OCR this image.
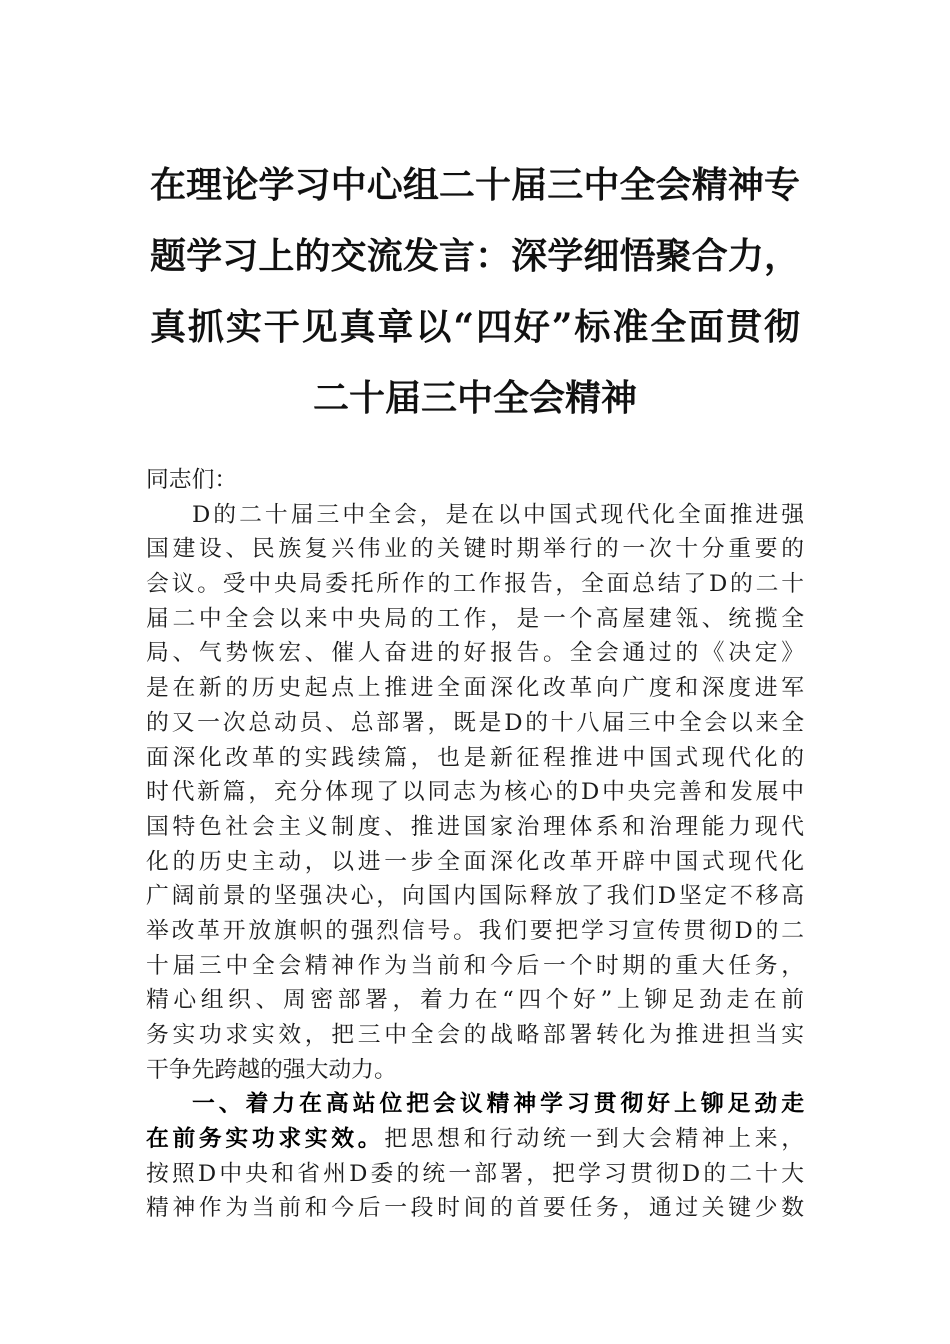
在理论学习中心组二十届三中全会精神专
题学习上的交流发言：深学细悟聚合力，
真抓实干见真章以“四好”标准全面贯彻
二十届三中全会精神
同志们：
D的二十届三中全会，是在以中国式现代化全面推进强
国建设、民族复兴伟业的关键时期举行的一次十分重要的
会议。受中央局委托所作的工作报告，全面总结了D的二十
届二中全会以来中央局的工作，是一个高屋建瓴、统揽全
局、气势恢宏、催人奋进的好报告。全会通过的《决定》
是在新的历史起点上推进全面深化改革向广度和深度进军
的又一次总动员、总部署，既是D的十八届三中全会以来全
面深化改革的实践续篇，也是新征程推进中国式现代化的
时代新篇，充分体现了以同志为核心的D中央完善和发展中
国特色社会主义制度、推进国家治理体系和治理能力现代
化的历史主动，以进一步全面深化改革开辟中国式现代化
广阔前景的坚强决心，向国内国际释放了我们D坚定不移高
举改革开放旗帜的强烈信号。我们要把学习宣传贯彻D的二
十届三中全会精神作为当前和今后一个时期的重大任务，
精心组织、周密部署，着力在“四个好”上铆足劲走在前
务实功求实效，把三中全会的战略部署转化为推进担当实
干争先跨越的强大动力。
一、着力在高站位把会议精神学习贯彻好上铆足劲走
在前务实功求实效。把思想和行动统一到大会精神上来，
按照D中央和省州D委的统一部署，把学习贯彻D的二十大
精神作为当前和今后一段时间的首要任务，通过关键少数
